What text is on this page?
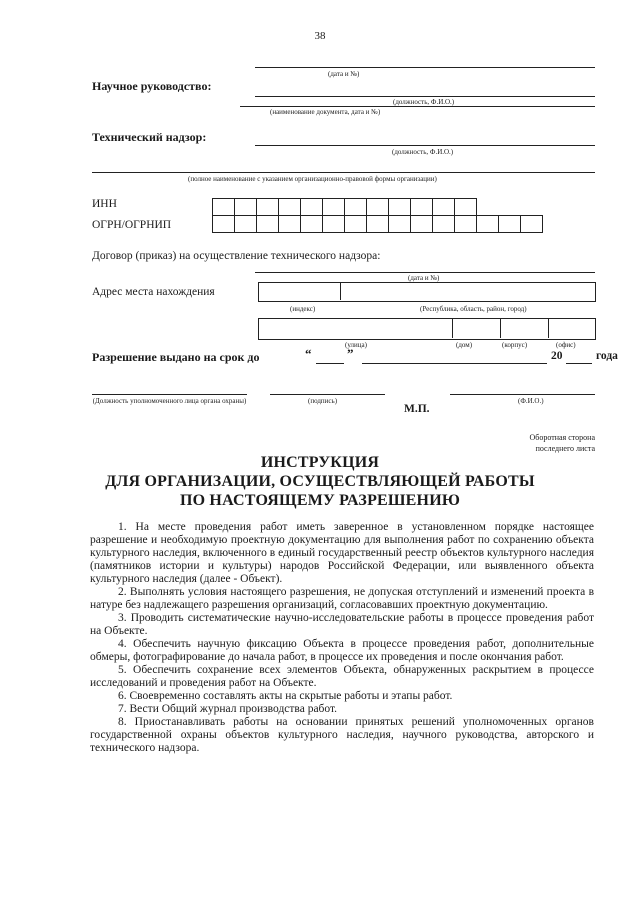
38
(дата и №)
Научное руководство:
(должность, Ф.И.О.)
(наименование документа, дата и №)
Технический надзор:
(должность, Ф.И.О.)
(полное наименование с указанием организационно-правовой формы организации)
ИНН
ОГРН/ОГРНИП
Договор (приказ) на осуществление технического надзора:
(дата и №)
Адрес места нахождения
(индекс)	(Республика, область, район, город)
(улица)	(дом)	(корпус)	(офис)
Разрешение выдано на срок до	“	”	20	года
(Должность уполномоченного лица органа охраны)	(подпись)
М.П.
(Ф.И.О.)
Оборотная сторона последнего листа
ИНСТРУКЦИЯ
ДЛЯ ОРГАНИЗАЦИИ, ОСУЩЕСТВЛЯЮЩЕЙ РАБОТЫ
ПО НАСТОЯЩЕМУ РАЗРЕШЕНИЮ

1. На месте проведения работ иметь заверенное в установленном порядке настоящее разрешение и необходимую проектную документацию для выполнения работ по сохранению объекта культурного наследия, включенного в единый государственный реестр объектов культурного наследия (памятников истории и культуры) народов Российской Федерации, или выявленного объекта культурного наследия (далее - Объект).

2. Выполнять условия настоящего разрешения, не допуская отступлений и изменений проекта в натуре без надлежащего разрешения организаций, согласовавших проектную документацию.

3. Проводить систематические научно-исследовательские работы в процессе проведения работ на Объекте.

4. Обеспечить научную фиксацию Объекта в процессе проведения работ, дополнительные обмеры, фотографирование до начала работ, в процессе их проведения и после окончания работ.

5. Обеспечить сохранение всех элементов Объекта, обнаруженных раскрытием в процессе исследований и проведения работ на Объекте.

6. Своевременно составлять акты на скрытые работы и этапы работ.

7. Вести Общий журнал производства работ.

8. Приостанавливать работы на основании принятых решений уполномоченных органов государственной охраны объектов культурного наследия, научного руководства, авторского и технического надзора.
